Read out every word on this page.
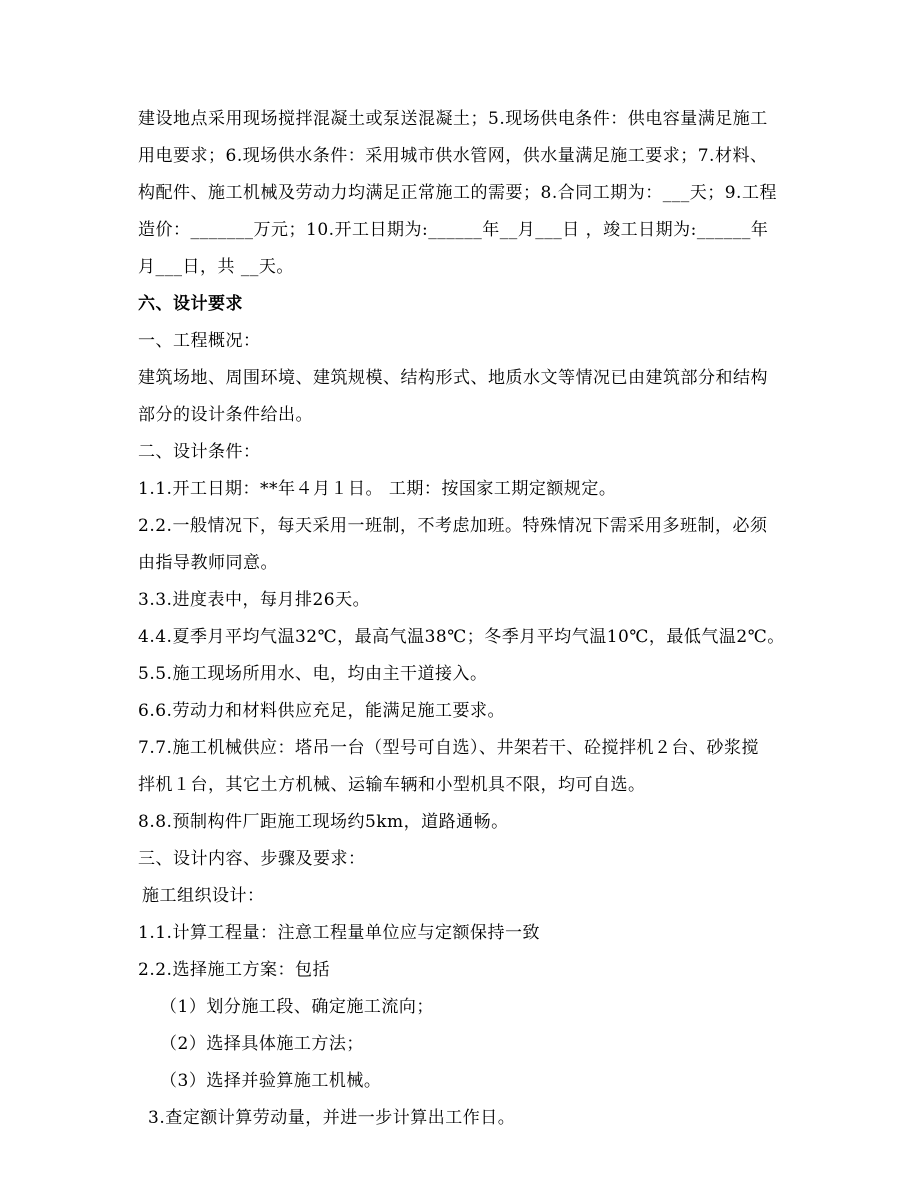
建设地点采用现场搅拌混凝土或泵送混凝土；5.现场供电条件：供电容量满足施工
用电要求；6.现场供水条件：采用城市供水管网，供水量满足施工要求；7.材料、
构配件、施工机械及劳动力均满足正常施工的需要；8.合同工期为：___天；9.工程
造价：_______万元；10.开工日期为:______年__月___日 ，竣工日期为:______年
月___日，共 __天。
六、设计要求
一、工程概况：
建筑场地、周围环境、建筑规模、结构形式、地质水文等情况已由建筑部分和结构
部分的设计条件给出。
二、设计条件：
1.1.开工日期：**年４月１日。 工期：按国家工期定额规定。
2.2.一般情况下，每天采用一班制，不考虑加班。特殊情况下需采用多班制，必须
由指导教师同意。
3.3.进度表中，每月排26天。
4.4.夏季月平均气温32℃，最高气温38℃；冬季月平均气温10℃，最低气温2℃。
5.5.施工现场所用水、电，均由主干道接入。
6.6.劳动力和材料供应充足，能满足施工要求。
7.7.施工机械供应：塔吊一台（型号可自选）、井架若干、砼搅拌机２台、砂浆搅
拌机１台，其它土方机械、运输车辆和小型机具不限，均可自选。
8.8.预制构件厂距施工现场约5km，道路通畅。
三、设计内容、步骤及要求：
施工组织设计：
1.1.计算工程量：注意工程量单位应与定额保持一致
2.2.选择施工方案：包括
（1）划分施工段、确定施工流向；
（2）选择具体施工方法；
（3）选择并验算施工机械。
3.查定额计算劳动量，并进一步计算出工作日。
